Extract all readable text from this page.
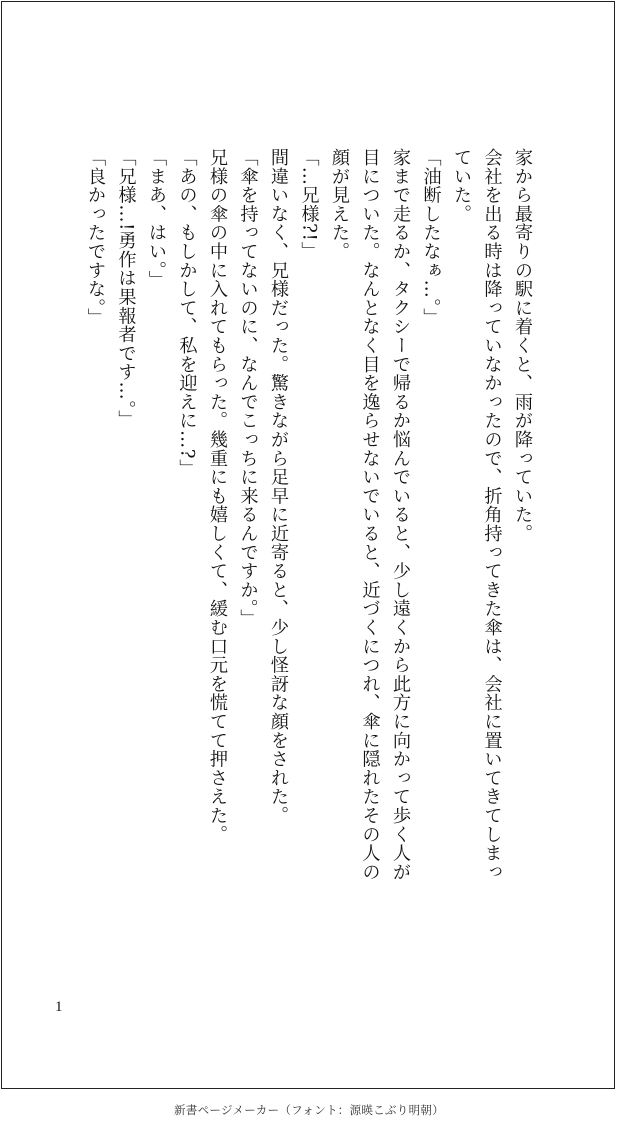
家から最寄りの駅に着くと、雨が降っていた。

会社を出る時は降っていなかったので、折角持ってきた傘は、会社に置いてきてしまっていた。

「油断したなぁ…。」

家まで走るか、タクシーで帰るか悩んでいると、少し遠くから此方に向かって歩く人が目についた。なんとなく目を逸らせないでいると、近づくにつれ、傘に隠れたその人の顔が見えた。

「…兄様?!」

間違いなく、兄様だった。驚きながら足早に近寄ると、少し怪訝な顔をされた。

「傘を持ってないのに、なんでこっちに来るんですか。」

兄様の傘の中に入れてもらった。幾重にも嬉しくて、緩む口元を慌てて押さえた。

「あの、もしかして、私を迎えに…?」

「まあ、はい。」

「兄様…!勇作は果報者です…。」

「良かったですな。」

1
新書ページメーカー（フォント：源暎こぶり明朝）
